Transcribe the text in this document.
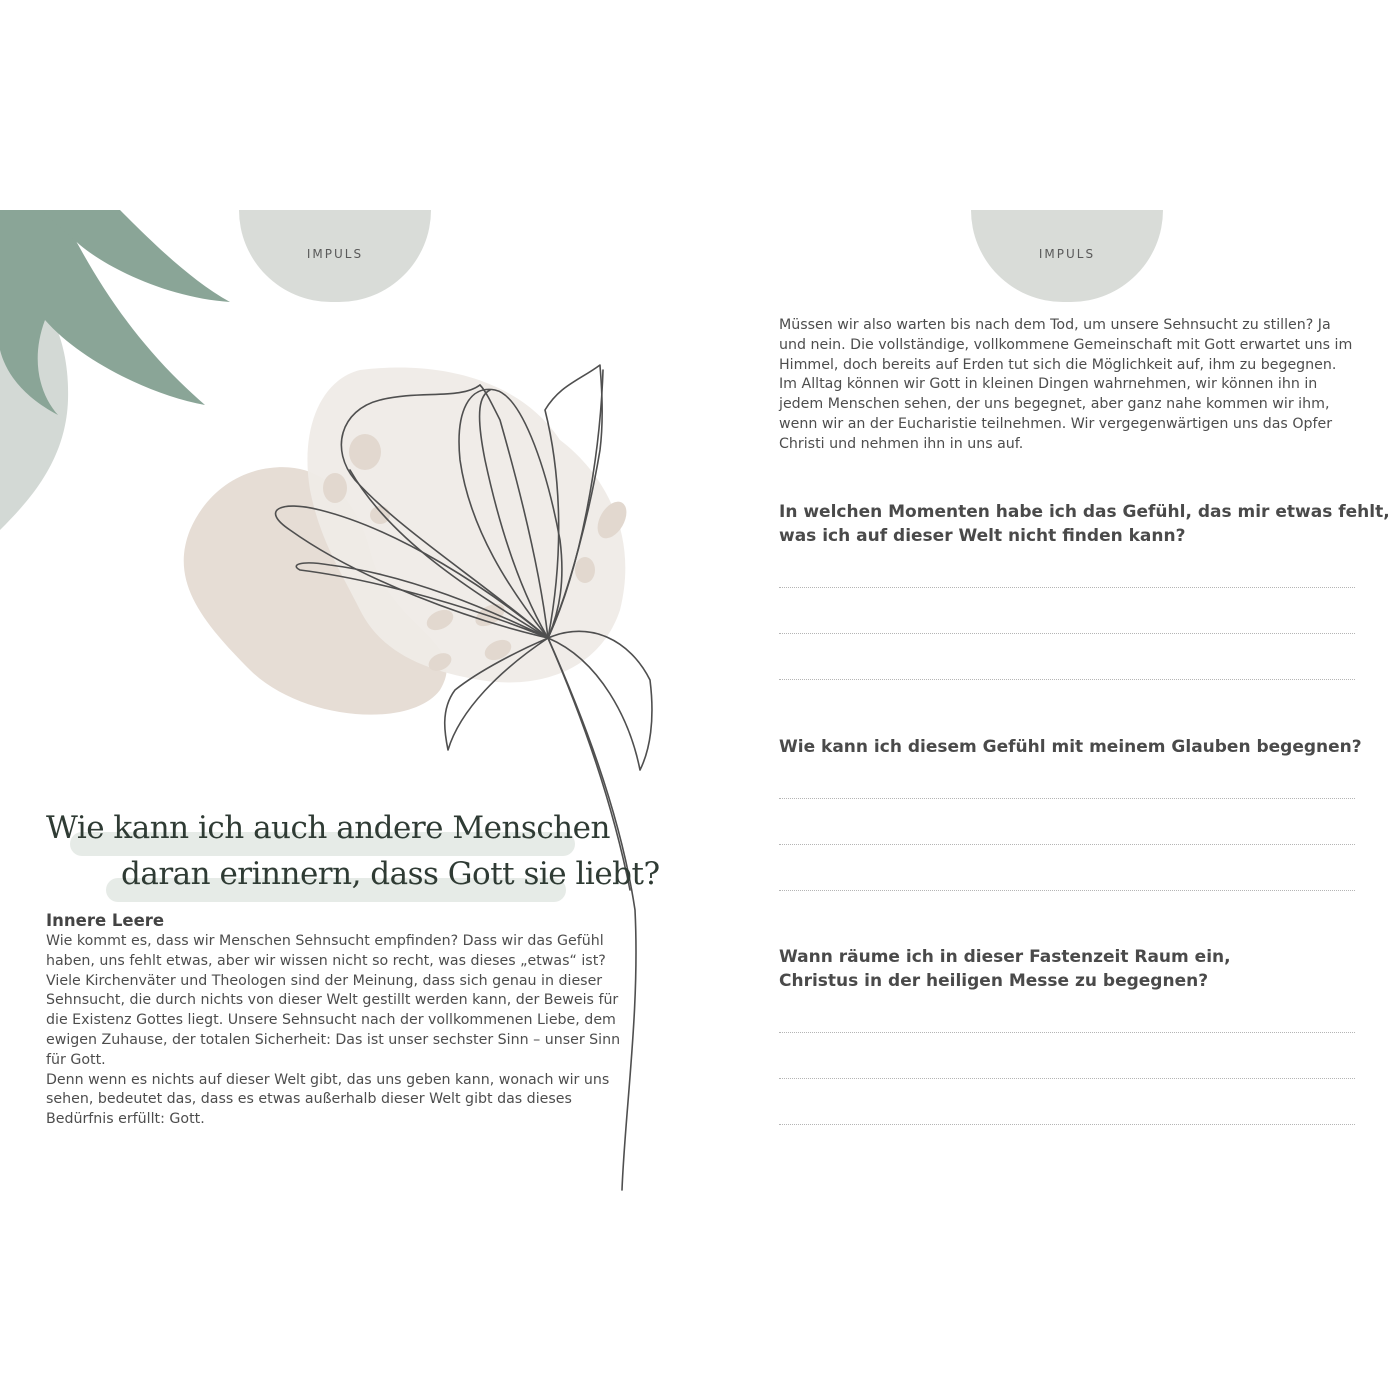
IMPULS
Wie kann ich auch andere Menschen
daran erinnern, dass Gott sie liebt?
Innere Leere

Wie kommt es, dass wir Menschen Sehnsucht empfinden? Dass wir das Gefühl haben, uns fehlt etwas, aber wir wissen nicht so recht, was dieses „etwas“ ist? Viele Kirchenväter und Theologen sind der Meinung, dass sich genau in dieser Sehnsucht, die durch nichts von dieser Welt gestillt werden kann, der Beweis für die Existenz Gottes liegt. Unsere Sehnsucht nach der vollkommenen Liebe, dem ewigen Zuhause, der totalen Sicherheit: Das ist unser sechster Sinn – unser Sinn für Gott.

Denn wenn es nichts auf dieser Welt gibt, das uns geben kann, wonach wir uns sehen, bedeutet das, dass es etwas außerhalb dieser Welt gibt das dieses Bedürfnis erfüllt: Gott.

IMPULS

Müssen wir also warten bis nach dem Tod, um unsere Sehnsucht zu stillen? Ja und nein. Die vollständige, vollkommene Gemeinschaft mit Gott erwartet uns im Himmel, doch bereits auf Erden tut sich die Möglichkeit auf, ihm zu begegnen. Im Alltag können wir Gott in kleinen Dingen wahrnehmen, wir können ihn in jedem Menschen sehen, der uns begegnet, aber ganz nahe kommen wir ihm, wenn wir an der Eucharistie teilnehmen. Wir vergegenwärtigen uns das Opfer Christi und nehmen ihn in uns auf.

In welchen Momenten habe ich das Gefühl, das mir etwas fehlt,
was ich auf dieser Welt nicht finden kann?
Wie kann ich diesem Gefühl mit meinem Glauben begegnen?
Wann räume ich in dieser Fastenzeit Raum ein,
Christus in der heiligen Messe zu begegnen?
